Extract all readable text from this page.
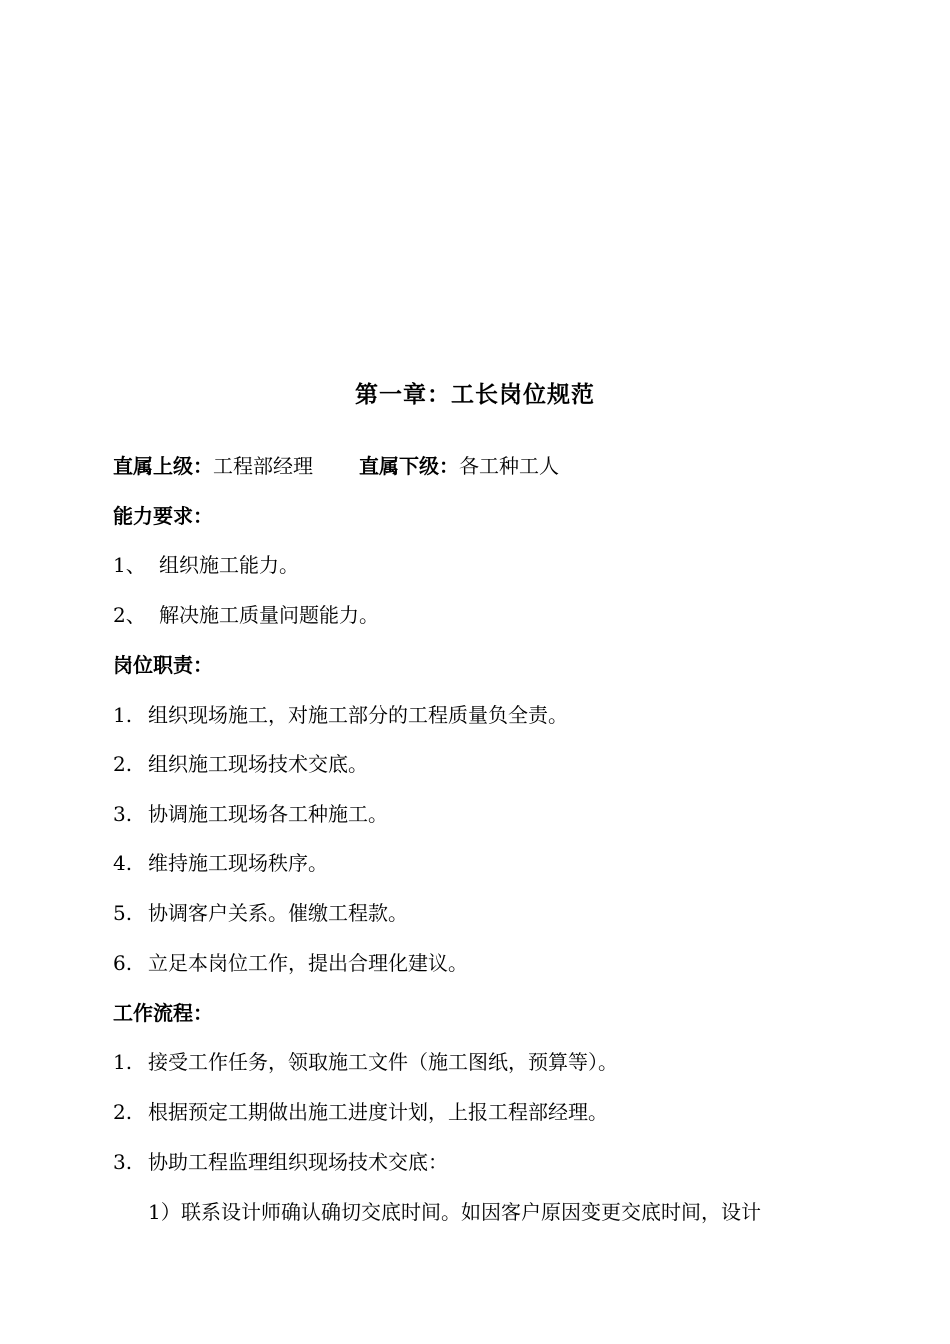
第一章：工长岗位规范
直属上级：工程部经理 直属下级：各工种工人
能力要求：
1、 组织施工能力。
2、 解决施工质量问题能力。
岗位职责：
1. 组织现场施工，对施工部分的工程质量负全责。
2. 组织施工现场技术交底。
3. 协调施工现场各工种施工。
4. 维持施工现场秩序。
5. 协调客户关系。催缴工程款。
6. 立足本岗位工作，提出合理化建议。
工作流程：
1. 接受工作任务，领取施工文件（施工图纸，预算等）。
2. 根据预定工期做出施工进度计划，上报工程部经理。
3. 协助工程监理组织现场技术交底：
1）联系设计师确认确切交底时间。如因客户原因变更交底时间，设计
